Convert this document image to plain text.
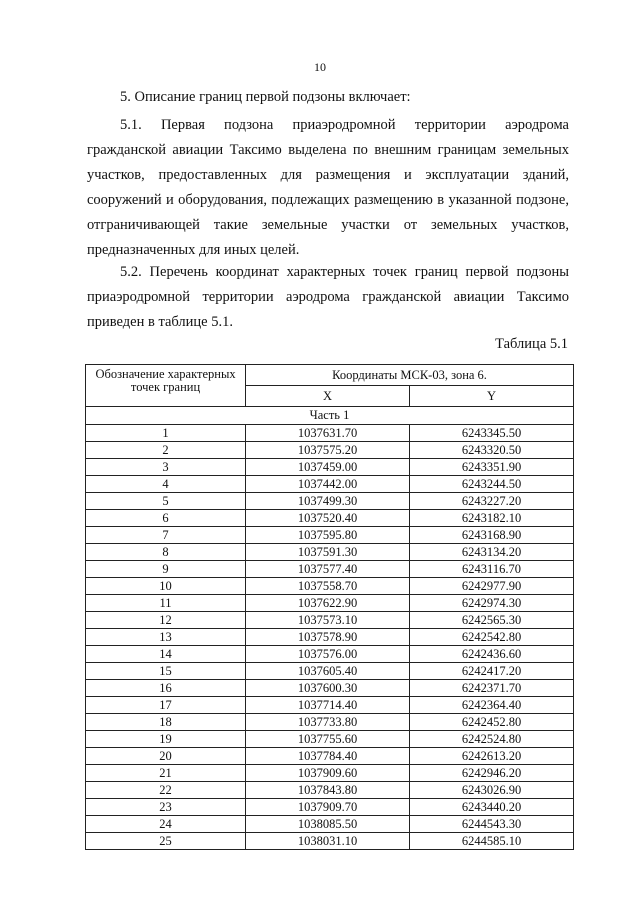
10
5. Описание границ первой подзоны включает:
5.1. Первая подзона приаэродромной территории аэродрома гражданской авиации Таксимо выделена по внешним границам земельных участков, предоставленных для размещения и эксплуатации зданий, сооружений и оборудования, подлежащих размещению в указанной подзоне, отграничивающей такие земельные участки от земельных участков, предназначенных для иных целей.
5.2. Перечень координат характерных точек границ первой подзоны приаэродромной территории аэродрома гражданской авиации Таксимо приведен в таблице 5.1.
Таблица 5.1
Обозначение характерных точек границ	Координаты МСК-03, зона 6.	
	X	Y
Часть 1		
1	1037631.70	6243345.50
2	1037575.20	6243320.50
3	1037459.00	6243351.90
4	1037442.00	6243244.50
5	1037499.30	6243227.20
6	1037520.40	6243182.10
7	1037595.80	6243168.90
8	1037591.30	6243134.20
9	1037577.40	6243116.70
10	1037558.70	6242977.90
11	1037622.90	6242974.30
12	1037573.10	6242565.30
13	1037578.90	6242542.80
14	1037576.00	6242436.60
15	1037605.40	6242417.20
16	1037600.30	6242371.70
17	1037714.40	6242364.40
18	1037733.80	6242452.80
19	1037755.60	6242524.80
20	1037784.40	6242613.20
21	1037909.60	6242946.20
22	1037843.80	6243026.90
23	1037909.70	6243440.20
24	1038085.50	6244543.30
25	1038031.10	6244585.10
